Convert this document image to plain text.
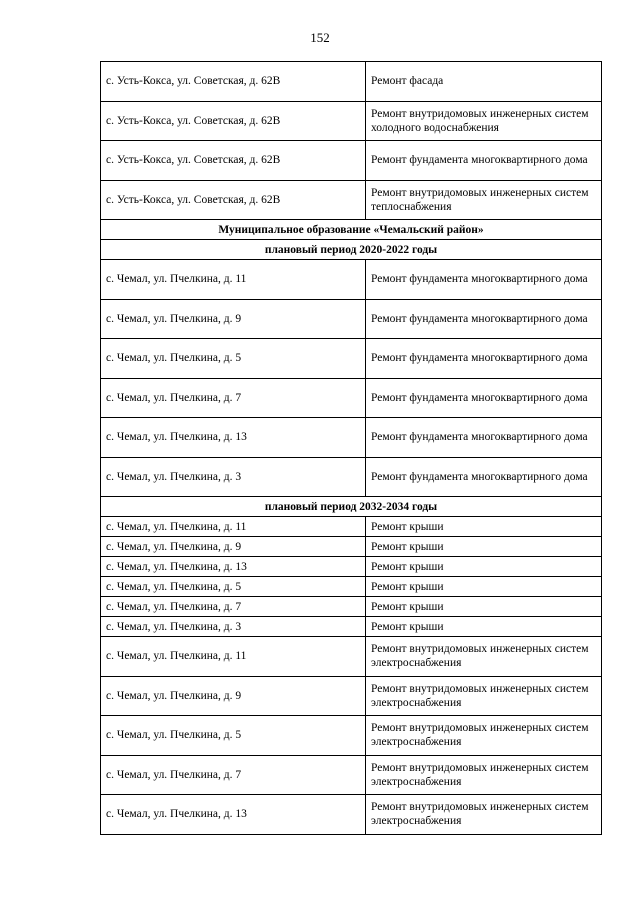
152
с. Усть-Кокса, ул. Советская, д. 62В	Ремонт фасада
с. Усть-Кокса, ул. Советская, д. 62В	Ремонт внутридомовых инженерных систем холодного водоснабжения
с. Усть-Кокса, ул. Советская, д. 62В	Ремонт фундамента многоквартирного дома
с. Усть-Кокса, ул. Советская, д. 62В	Ремонт внутридомовых инженерных систем теплоснабжения
Муниципальное образование «Чемальский район»	
плановый период 2020-2022 годы	
с. Чемал, ул. Пчелкина, д. 11	Ремонт фундамента многоквартирного дома
с. Чемал, ул. Пчелкина, д. 9	Ремонт фундамента многоквартирного дома
с. Чемал, ул. Пчелкина, д. 5	Ремонт фундамента многоквартирного дома
с. Чемал, ул. Пчелкина, д. 7	Ремонт фундамента многоквартирного дома
с. Чемал, ул. Пчелкина, д. 13	Ремонт фундамента многоквартирного дома
с. Чемал, ул. Пчелкина, д. 3	Ремонт фундамента многоквартирного дома
плановый период 2032-2034 годы	
с. Чемал, ул. Пчелкина, д. 11	Ремонт крыши
с. Чемал, ул. Пчелкина, д. 9	Ремонт крыши
с. Чемал, ул. Пчелкина, д. 13	Ремонт крыши
с. Чемал, ул. Пчелкина, д. 5	Ремонт крыши
с. Чемал, ул. Пчелкина, д. 7	Ремонт крыши
с. Чемал, ул. Пчелкина, д. 3	Ремонт крыши
с. Чемал, ул. Пчелкина, д. 11	Ремонт внутридомовых инженерных систем электроснабжения
с. Чемал, ул. Пчелкина, д. 9	Ремонт внутридомовых инженерных систем электроснабжения
с. Чемал, ул. Пчелкина, д. 5	Ремонт внутридомовых инженерных систем электроснабжения
с. Чемал, ул. Пчелкина, д. 7	Ремонт внутридомовых инженерных систем электроснабжения
с. Чемал, ул. Пчелкина, д. 13	Ремонт внутридомовых инженерных систем электроснабжения
